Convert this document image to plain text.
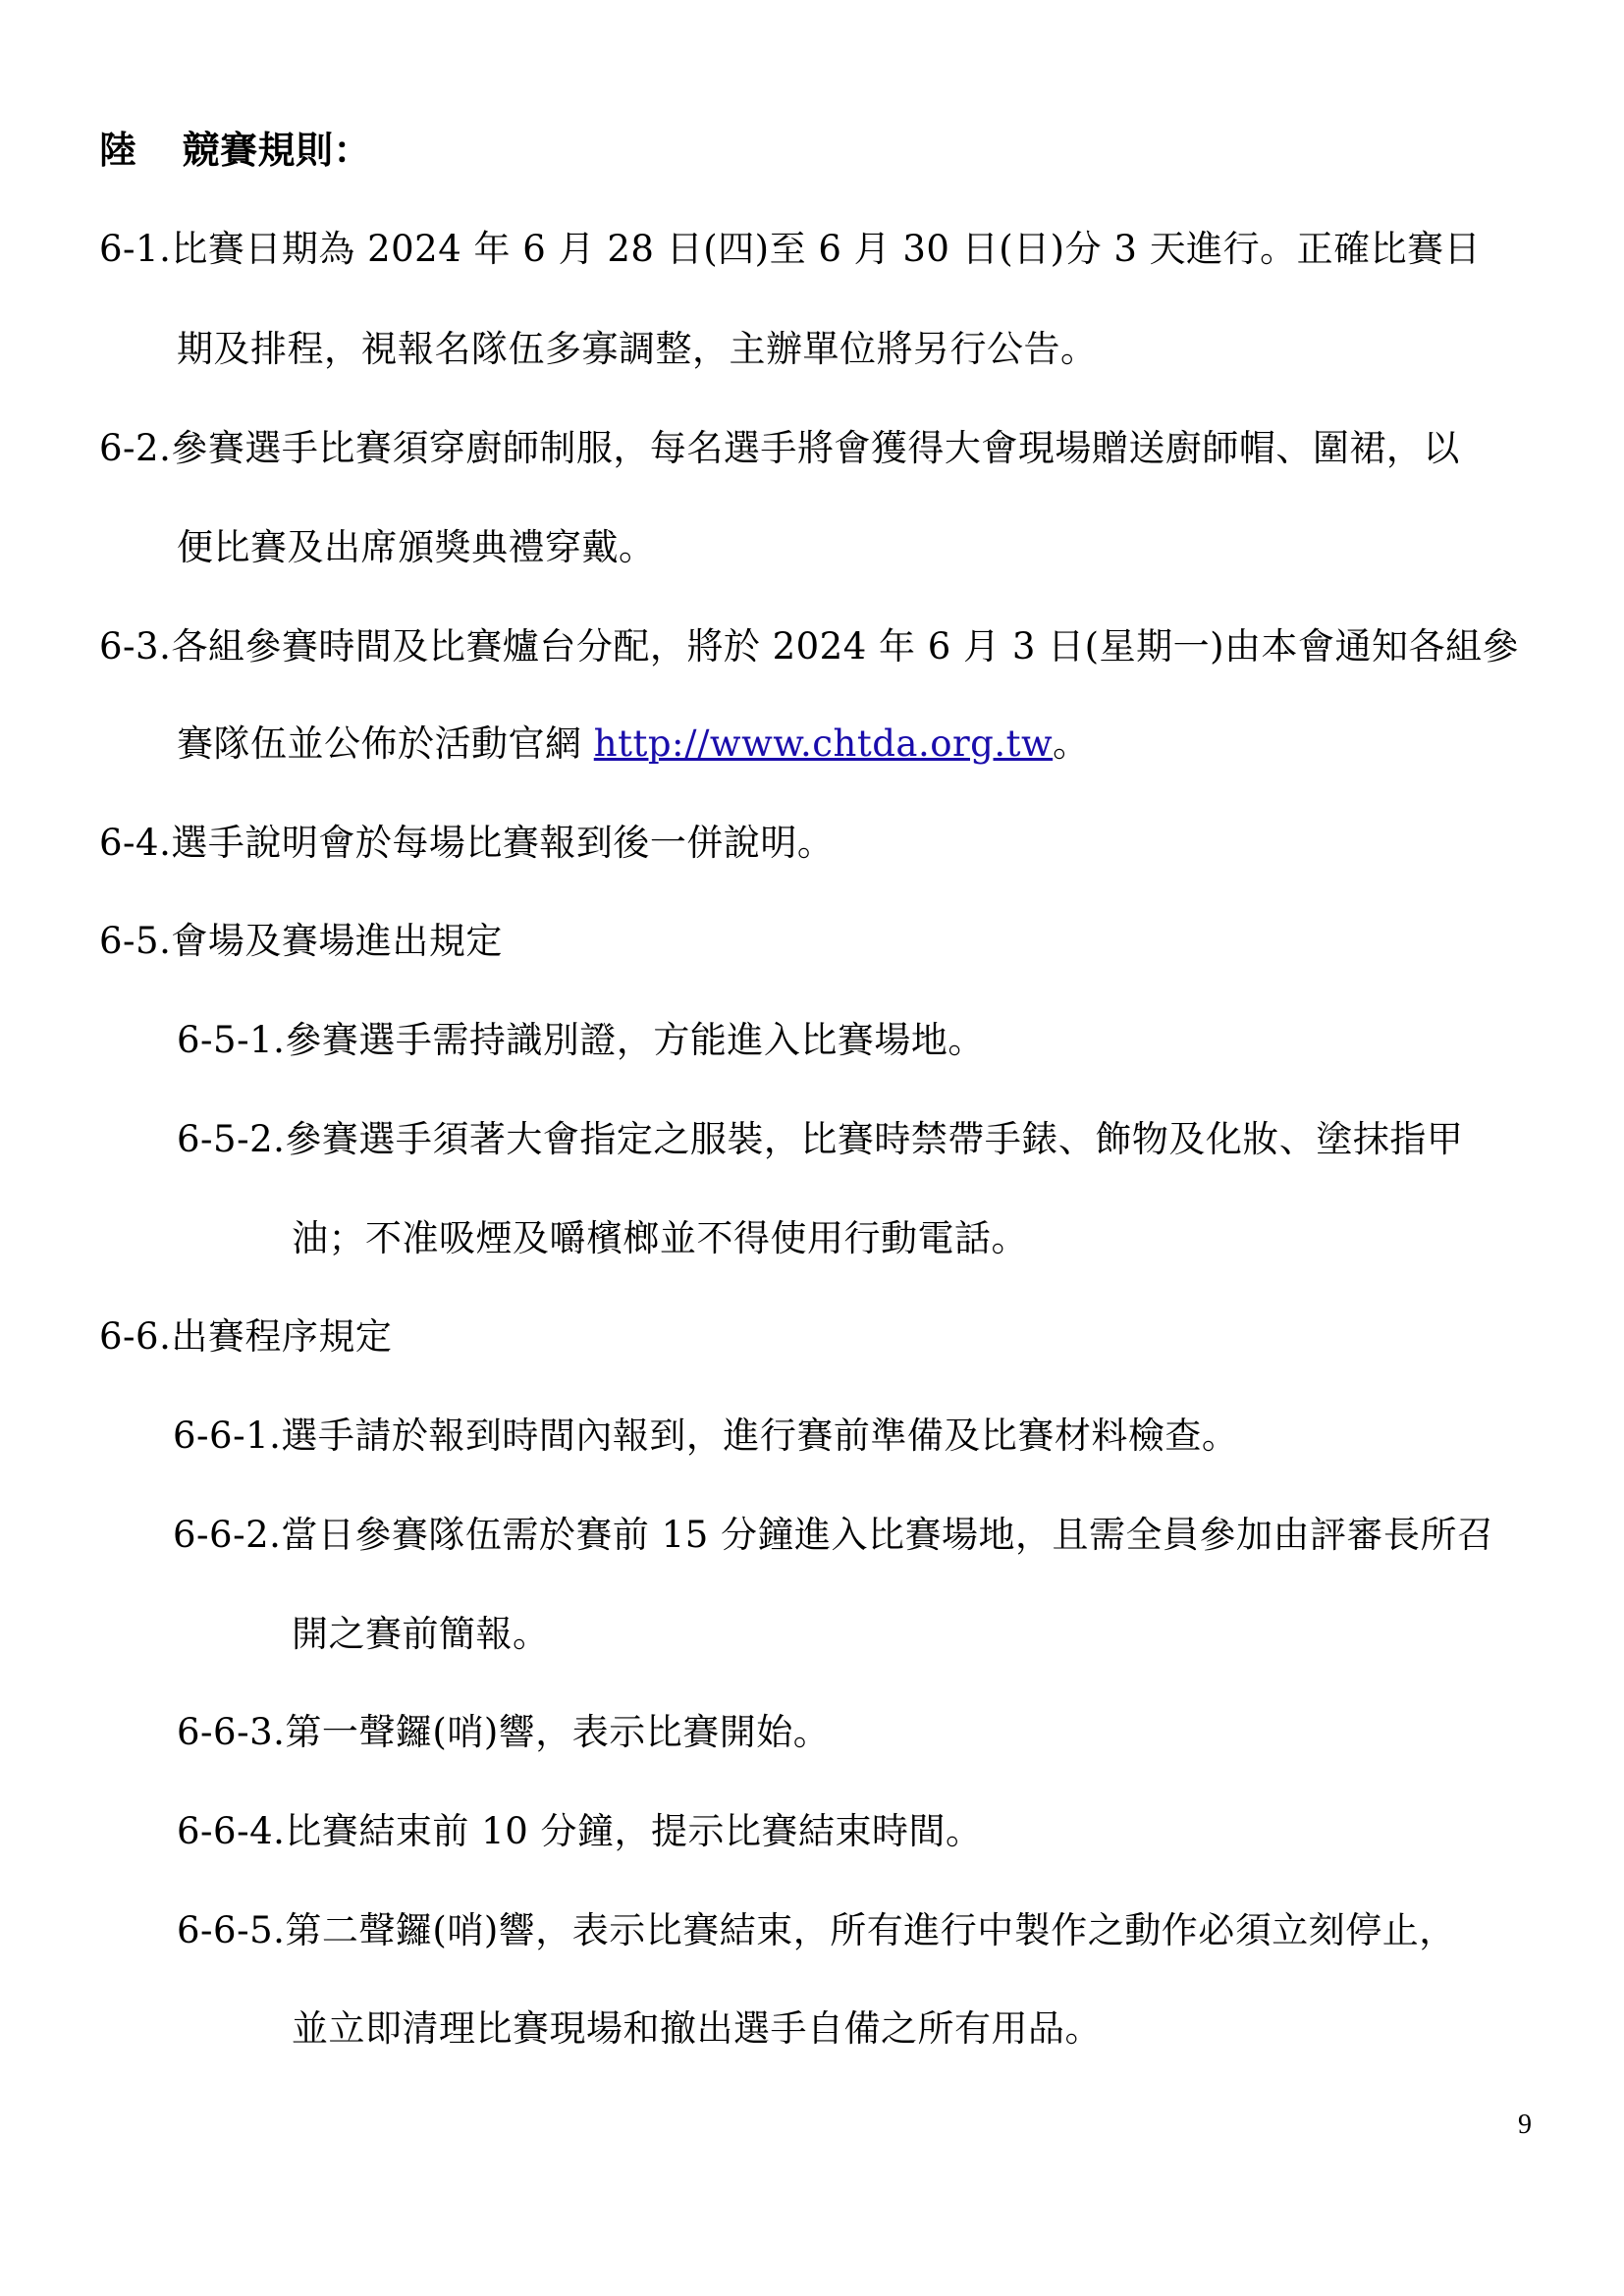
陸 競賽規則：
6-1.比賽日期為 2024 年 6 月 28 日(四)至 6 月 30 日(日)分 3 天進行。正確比賽日
期及排程，視報名隊伍多寡調整，主辦單位將另行公告。
6-2.參賽選手比賽須穿廚師制服，每名選手將會獲得大會現場贈送廚師帽、圍裙，以
便比賽及出席頒獎典禮穿戴。
6-3.各組參賽時間及比賽爐台分配，將於 2024 年 6 月 3 日(星期一)由本會通知各組參
賽隊伍並公佈於活動官網 http://www.chtda.org.tw。
6-4.選手說明會於每場比賽報到後一併說明。
6-5.會場及賽場進出規定
6-5-1.參賽選手需持識別證，方能進入比賽場地。
6-5-2.參賽選手須著大會指定之服裝，比賽時禁帶手錶、飾物及化妝、塗抹指甲
油；不准吸煙及嚼檳榔並不得使用行動電話。
6-6.出賽程序規定
6-6-1.選手請於報到時間內報到，進行賽前準備及比賽材料檢查。
6-6-2.當日參賽隊伍需於賽前 15 分鐘進入比賽場地，且需全員參加由評審長所召
開之賽前簡報。
6-6-3.第一聲鑼(哨)響，表示比賽開始。
6-6-4.比賽結束前 10 分鐘，提示比賽結束時間。
6-6-5.第二聲鑼(哨)響，表示比賽結束，所有進行中製作之動作必須立刻停止，
並立即清理比賽現場和撤出選手自備之所有用品。
9
